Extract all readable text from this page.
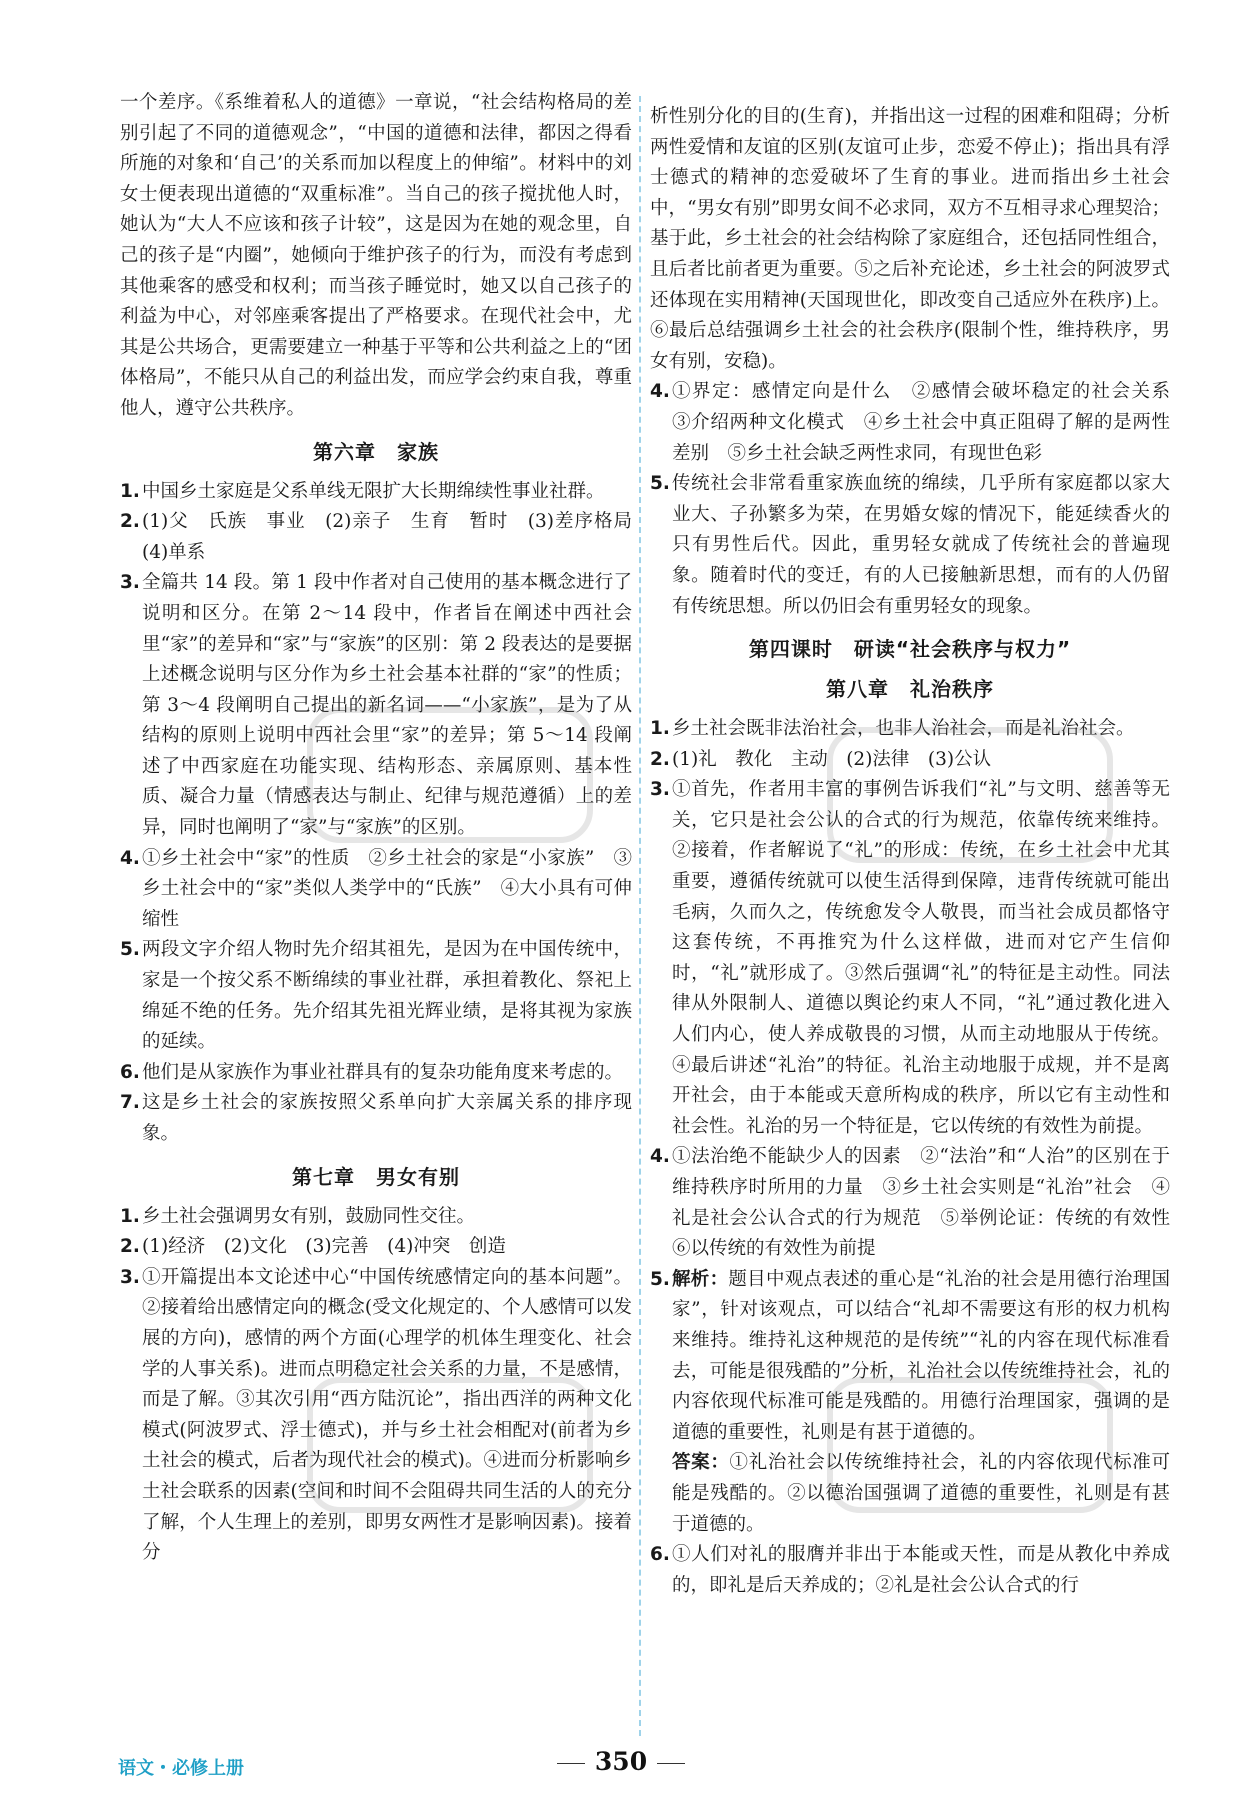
一个差序。《系维着私人的道德》一章说，“社会结构格局的差别引起了不同的道德观念”，“中国的道德和法律，都因之得看所施的对象和‘自己’的关系而加以程度上的伸缩”。材料中的刘女士便表现出道德的“双重标准”。当自己的孩子搅扰他人时，她认为“大人不应该和孩子计较”，这是因为在她的观念里，自己的孩子是“内圈”，她倾向于维护孩子的行为，而没有考虑到其他乘客的感受和权利；而当孩子睡觉时，她又以自己孩子的利益为中心，对邻座乘客提出了严格要求。在现代社会中，尤其是公共场合，更需要建立一种基于平等和公共利益之上的“团体格局”，不能只从自己的利益出发，而应学会约束自我，尊重他人，遵守公共秩序。

第六章　家族
1. 中国乡土家庭是父系单线无限扩大长期绵续性事业社群。
2. (1)父　氏族　事业　(2)亲子　生育　暂时　(3)差序格局　(4)单系
3. 全篇共 14 段。第 1 段中作者对自己使用的基本概念进行了说明和区分。在第 2～14 段中，作者旨在阐述中西社会里“家”的差异和“家”与“家族”的区别：第 2 段表达的是要据上述概念说明与区分作为乡土社会基本社群的“家”的性质；第 3～4 段阐明自己提出的新名词——“小家族”，是为了从结构的原则上说明中西社会里“家”的差异；第 5～14 段阐述了中西家庭在功能实现、结构形态、亲属原则、基本性质、凝合力量（情感表达与制止、纪律与规范遵循）上的差异，同时也阐明了“家”与“家族”的区别。
4. ①乡土社会中“家”的性质　②乡土社会的家是“小家族”　③乡土社会中的“家”类似人类学中的“氏族”　④大小具有可伸缩性
5. 两段文字介绍人物时先介绍其祖先，是因为在中国传统中，家是一个按父系不断绵续的事业社群，承担着教化、祭祀上绵延不绝的任务。先介绍其先祖光辉业绩，是将其视为家族的延续。
6. 他们是从家族作为事业社群具有的复杂功能角度来考虑的。
7. 这是乡土社会的家族按照父系单向扩大亲属关系的排序现象。
第七章　男女有别
1. 乡土社会强调男女有别，鼓励同性交往。
2. (1)经济　(2)文化　(3)完善　(4)冲突　创造
3. ①开篇提出本文论述中心“中国传统感情定向的基本问题”。②接着给出感情定向的概念(受文化规定的、个人感情可以发展的方向)，感情的两个方面(心理学的机体生理变化、社会学的人事关系)。进而点明稳定社会关系的力量，不是感情，而是了解。③其次引用“西方陆沉论”，指出西洋的两种文化模式(阿波罗式、浮士德式)，并与乡土社会相配对(前者为乡土社会的模式，后者为现代社会的模式)。④进而分析影响乡土社会联系的因素(空间和时间不会阻碍共同生活的人的充分了解，个人生理上的差别，即男女两性才是影响因素)。接着分

析性别分化的目的(生育)，并指出这一过程的困难和阻碍；分析两性爱情和友谊的区别(友谊可止步，恋爱不停止)；指出具有浮士德式的精神的恋爱破坏了生育的事业。进而指出乡土社会中，“男女有别”即男女间不必求同，双方不互相寻求心理契洽；基于此，乡土社会的社会结构除了家庭组合，还包括同性组合，且后者比前者更为重要。⑤之后补充论述，乡土社会的阿波罗式还体现在实用精神(天国现世化，即改变自己适应外在秩序)上。⑥最后总结强调乡土社会的社会秩序(限制个性，维持秩序，男女有别，安稳)。

4. ①界定：感情定向是什么　②感情会破坏稳定的社会关系　③介绍两种文化模式　④乡土社会中真正阻碍了解的是两性差别　⑤乡土社会缺乏两性求同，有现世色彩
5. 传统社会非常看重家族血统的绵续，几乎所有家庭都以家大业大、子孙繁多为荣，在男婚女嫁的情况下，能延续香火的只有男性后代。因此，重男轻女就成了传统社会的普遍现象。随着时代的变迁，有的人已接触新思想，而有的人仍留有传统思想。所以仍旧会有重男轻女的现象。
第四课时　研读“社会秩序与权力”
第八章　礼治秩序
1. 乡土社会既非法治社会，也非人治社会，而是礼治社会。
2. (1)礼　教化　主动　(2)法律　(3)公认
3. ①首先，作者用丰富的事例告诉我们“礼”与文明、慈善等无关，它只是社会公认的合式的行为规范，依靠传统来维持。②接着，作者解说了“礼”的形成：传统，在乡土社会中尤其重要，遵循传统就可以使生活得到保障，违背传统就可能出毛病，久而久之，传统愈发令人敬畏，而当社会成员都恪守这套传统，不再推究为什么这样做，进而对它产生信仰时，“礼”就形成了。③然后强调“礼”的特征是主动性。同法律从外限制人、道德以舆论约束人不同，“礼”通过教化进入人们内心，使人养成敬畏的习惯，从而主动地服从于传统。④最后讲述“礼治”的特征。礼治主动地服于成规，并不是离开社会，由于本能或天意所构成的秩序，所以它有主动性和社会性。礼治的另一个特征是，它以传统的有效性为前提。
4. ①法治绝不能缺少人的因素　②“法治”和“人治”的区别在于维持秩序时所用的力量　③乡土社会实则是“礼治”社会　④礼是社会公认合式的行为规范　⑤举例论证：传统的有效性　⑥以传统的有效性为前提
5. 解析：题目中观点表述的重心是“礼治的社会是用德行治理国家”，针对该观点，可以结合“礼却不需要这有形的权力机构来维持。维持礼这种规范的是传统”“礼的内容在现代标准看去，可能是很残酷的”分析，礼治社会以传统维持社会，礼的内容依现代标准可能是残酷的。用德行治理国家，强调的是道德的重要性，礼则是有甚于道德的。
答案：①礼治社会以传统维持社会，礼的内容依现代标准可能是残酷的。②以德治国强调了道德的重要性，礼则是有甚于道德的。
6. ①人们对礼的服膺并非出于本能或天性，而是从教化中养成的，即礼是后天养成的；②礼是社会公认合式的行
语文・必修上册	350
